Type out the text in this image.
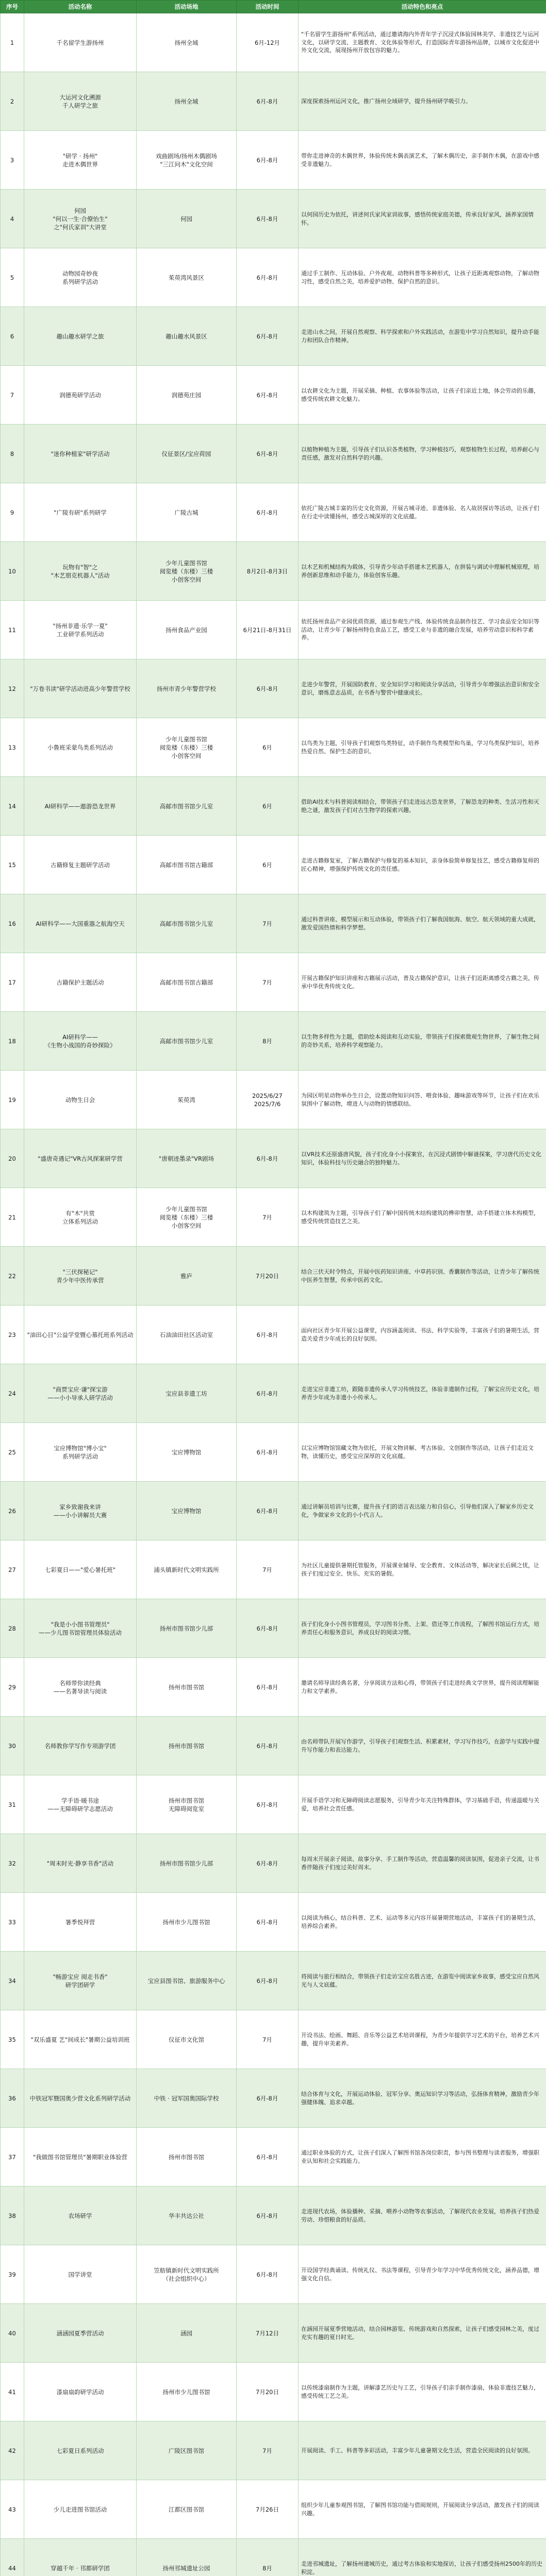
序号	活动名称	活动场地	活动时间	活动特色和亮点

1	千名留学生游扬州	扬州全域	6月-12月	"千名留学生游扬州"系列活动，通过邀请海内外青年学子沉浸式体验园林美学、非遗技艺与运河文化，以研学交流、主题教育、文化体验等形式，打造国际青年游扬州品牌，以城市文化促进中外文化交流，展现扬州开放包容的魅力。

2	大运河文化溯源
千人研学之旅	扬州全域	6月-8月	深度探索扬州运河文化，推广扬州全域研学，提升扬州研学吸引力。

3	"研学 · 扬州"
走进木偶世界	戏曲剧场/扬州木偶剧场
"三江问木"文化空间	6月-8月	带你走进神奇的木偶世界，体验传统木偶表演艺术，了解木偶历史，亲手制作木偶，在游戏中感受非遗魅力。

4	何园
"何以一生·合僚怡生"
之"何氏家训"大讲堂	何园	6月-8月	以何园历史为依托，讲述何氏家风家训故事，感悟传统家庭美德，传承良好家风，涵养家国情怀。

5	动物园奇妙夜
系列研学活动	茱萸湾风景区	6月-8月	通过手工制作、互动体验、户外夜观、动物科普等多种形式，让孩子近距离观察动物，了解动物习性，感受自然之美，培养爱护动物、保护自然的意识。

6	趣山趣水研学之旅	趣山趣水风景区	6月-8月	走进山水之间，开展自然观察、科学探索和户外实践活动，在游览中学习自然知识，提升动手能力和团队合作精神。

7	润德苑研学活动	润德苑庄园	6月-8月	以农耕文化为主题，开展采摘、种植、农事体验等活动，让孩子们亲近土地，体会劳动的乐趣，感受传统农耕文化魅力。

8	"迷你种植家"研学活动	仪征景区/宝应荷园	6月-8月	以植物种植为主题，引导孩子们认识各类植物，学习种植技巧，观察植物生长过程，培养耐心与责任感，激发对自然科学的兴趣。

9	"广陵有研"系列研学	广陵古城	6月-8月	依托广陵古城丰富的历史文化资源，开展古城寻迹、非遗体验、名人故居探访等活动，让孩子们在行走中读懂扬州，感受古城深厚的文化底蕴。

10	玩物有"智"之
"木艺朋克机器人"活动	少年儿童图书馆
阅览楼（东楼）三楼
小创客空间	8月2日-8月3日	以木艺和机械结构为载体，引导青少年动手搭建木艺机器人，在拼装与调试中理解机械原理，培养创新思维和动手能力，体验创客乐趣。

11	"扬州非遗·乐学一夏"
工业研学系列活动	扬州食品产业园	6月21日-8月31日	依托扬州食品产业园优质资源，通过参观生产线、体验传统食品制作技艺、学习食品安全知识等活动，让青少年了解扬州特色食品工艺，感受工业与非遗的融合发展，培养劳动意识和科学素养。

12	"万卷书读"研学活动进高少年警营学校	扬州市青少年警营学校	6月-8月	走进少年警营，开展国防教育、安全知识学习和阅读分享活动，引导青少年增强法治意识和安全意识，磨炼意志品质，在书香与警营中健康成长。

13	小鲁班采蒙鸟类系列活动	少年儿童图书馆
阅览楼（东楼）三楼
小创客空间	6月	以鸟类为主题，引导孩子们观察鸟类特征，动手制作鸟类模型和鸟巢，学习鸟类保护知识，培养热爱自然、保护生态的意识。

14	AI研科学——遨游恐龙世界	高邮市图书馆少儿室	6月	借助AI技术与科普阅读相结合，带领孩子们走进远古恐龙世界，了解恐龙的种类、生活习性和灭绝之谜，激发孩子们对古生物学的探索兴趣。

15	古籍修复主题研学活动	高邮市图书馆古籍部	6月	走进古籍修复室，了解古籍保护与修复的基本知识，亲身体验简单修复技艺，感受古籍修复师的匠心精神，增强保护传统文化的责任感。

16	AI研科学——大国重器之航海空天	高邮市图书馆少儿室	7月	通过科普讲座、模型展示和互动体验，带领孩子们了解我国航海、航空、航天领域的重大成就，激发爱国热情和科学梦想。

17	古籍保护主题活动	高邮市图书馆古籍部	7月	开展古籍保护知识讲座和古籍展示活动，普及古籍保护意识，让孩子们近距离感受古籍之美，传承中华优秀传统文化。

18	AI研科学——
《生物小战国的奇妙探险》	高邮市图书馆少儿室	8月	以生物多样性为主题，借助绘本阅读和互动实验，带领孩子们探索微观生物世界，了解生物之间的奇妙关系，培养科学观察能力。

19	动物生日会	茱萸湾	2025/6/27
2025/7/6	为园区明星动物举办生日会，设置动物知识问答、喂食体验、趣味游戏等环节，让孩子们在欢乐氛围中了解动物，增进人与动物的情感联结。

20	"盛唐奇遇记"VR古风探案研学营	"唐朝迹墨录"VR剧场	6月-8月	以VR技术还原盛唐风貌，孩子们化身小小探案官，在沉浸式剧情中解谜探案，学习唐代历史文化知识，体验科技与历史融合的独特魅力。

21	有"木"共赏
立体系列活动	少年儿童图书馆
阅览楼（东楼）三楼
小创客空间	7月	以木构建筑为主题，引导孩子们了解中国传统木结构建筑的榫卯智慧，动手搭建立体木构模型，感受传统营造技艺之美。

22	"三伏探秘记"
青少年中医传承营	雅庐	7月20日	结合三伏天时令特点，开展中医药知识讲座、中草药识别、香囊制作等活动，让青少年了解传统中医养生智慧，传承中医药文化。

23	"油田心目"公益学堂暨心慕托班系列活动	石油油田社区活动室	6月-8月	面向社区青少年开展公益课堂，内容涵盖阅读、书法、科学实验等，丰富孩子们的暑期生活，营造关爱青少年成长的良好氛围。

24	"商贾宝应·谦"探宝游
——小小导承人研学活动	宝应县非遗工坊	6月-8月	走进宝应非遗工坊，跟随非遗传承人学习传统技艺，体验非遗制作过程，了解宝应历史文化，培养青少年成为非遗小小传承人。

25	宝应博物馆"博小宝"
系列研学活动	宝应博物馆	6月-8月	以宝应博物馆馆藏文物为依托，开展文物讲解、考古体验、文创制作等活动，让孩子们走近文物，读懂历史，感受宝应深厚的文化底蕴。

26	家乡致谢我来讲
——小小讲解员大赛	宝应博物馆	6月-8月	通过讲解员培训与比赛，提升孩子们的语言表达能力和自信心，引导他们深入了解家乡历史文化，争做家乡文化的小小代言人。

27	七彩夏日——"爱心暑托班"	浦头镇新时代文明实践所	7月	为社区儿童提供暑期托管服务，开展课业辅导、安全教育、文体活动等，解决家长后顾之忧，让孩子们度过安全、快乐、充实的暑假。

28	"我是小小图书管理员"
——少儿图书馆管理员体验活动	扬州市图书馆少儿部	6月-8月	孩子们化身小小图书管理员，学习图书分类、上架、借还等工作流程，了解图书馆运行方式，培养责任心和服务意识，养成良好的阅读习惯。

29	名师带你读经典
——名著导读与阅读	扬州市图书馆	6月-8月	邀请名师导读经典名著，分享阅读方法和心得，带领孩子们走进经典文学世界，提升阅读理解能力和文学素养。

30	名师教你学写作专项游学团	扬州市图书馆	6月-8月	由名师带队开展写作游学，引导孩子们观察生活、积累素材，学习写作技巧，在游学与实践中提升写作能力和表达能力。

31	学手语·暖书途
——无障碍研学志愿活动	扬州市图书馆
无障碍阅览室	6月-8月	开展手语学习和无障碍阅读志愿服务，引导青少年关注特殊群体，学习基础手语，传递温暖与关爱，培养社会责任感。

32	"周末时光·静享书香"活动	扬州市图书馆少儿部	6月-8月	每周末开展亲子阅读、故事分享、手工制作等活动，营造温馨的阅读氛围，促进亲子交流，让书香伴随孩子们度过美好周末。

33	暑季悦拜营	扬州市少儿图书馆	6月-8月	以阅读为核心，结合科普、艺术、运动等多元内容开展暑期营地活动，丰富孩子们的暑期生活，培养综合素养。

34	"畅游宝应 阅走书香"
研学团研学	宝应县图书馆、旅游服务中心	6月-8月	将阅读与旅行相结合，带领孩子们走访宝应名胜古迹，在游览中阅读家乡故事，感受宝应自然风光与人文底蕴。

35	"双乐盛夏 艺"间成长"暑期公益培训班	仪征市文化馆	7月	开设书法、绘画、舞蹈、音乐等公益艺术培训课程，为青少年提供学习艺术的平台，培养艺术兴趣，提升审美素养。

36	中铁冠军暨国奥少营文化系列研学活动	中铁 · 冠军国奥国际学校	6月-8月	结合体育与文化，开展运动体验、冠军分享、奥运知识学习等活动，弘扬体育精神，激励青少年强健体魄、追求卓越。

37	"我做图书馆管理员"暑期职业体验营	扬州市图书馆	6月-8月	通过职业体验的方式，让孩子们深入了解图书馆各岗位职责，参与图书整理与读者服务，增强职业认知和社会实践能力。

38	农场研学	华丰共达公社	6月-8月	走进现代农场，体验播种、采摘、喂养小动物等农事活动，了解现代农业发展，培养孩子们热爱劳动、珍惜粮食的好品质。

39	国学讲堂	笠舫镇新时代文明实践所
（社会组织中心）	6月-8月	开设国学经典诵读、传统礼仪、书法等课程，引导青少年学习中华优秀传统文化，涵养品德，增强文化自信。

40	涵涵园夏季营活动	涵园	7月12日	在涵园开展夏季营地活动，结合园林游览、传统游戏和自然探索，让孩子们感受园林之美，度过充实有趣的夏日时光。

41	漆扇扇韵研学活动	扬州市少儿图书馆	7月20日	以传统漆扇制作为主题，讲解漆艺历史与工艺，引导孩子们亲手制作漆扇，体验非遗技艺魅力，感受传统工艺之美。

42	七彩夏日系列活动	广陵区图书馆	7月	开展阅读、手工、科普等多彩活动，丰富少年儿童暑期文化生活，营造全民阅读的良好氛围。

43	少儿走进图书馆活动	江都区图书馆	7月26日	组织少年儿童参观图书馆，了解图书馆功能与借阅规则，开展阅读分享活动，激发孩子们的阅读兴趣。

44	穿越千年 · 邗都研学团	扬州邗城遗址公园	8月	走进邗城遗址，了解扬州建城历史，通过考古体验和实地探访，让孩子们感受扬州2500年的历史积淀。
